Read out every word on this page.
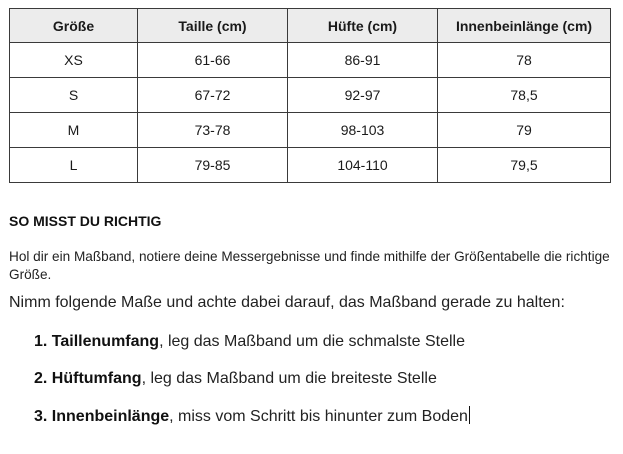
Größe	Taille (cm)	Hüfte (cm)	Innenbeinlänge (cm)
XS	61-66	86-91	78
S	67-72	92-97	78,5
M	73-78	98-103	79
L	79-85	104-110	79,5
SO MISST DU RICHTIG

Hol dir ein Maßband, notiere deine Messergebnisse und finde mithilfe der Größentabelle die richtige Größe.

Nimm folgende Maße und achte dabei darauf, das Maßband gerade zu halten:

1. Taillenumfang, leg das Maßband um die schmalste Stelle
2. Hüftumfang, leg das Maßband um die breiteste Stelle
3. Innenbeinlänge, miss vom Schritt bis hinunter zum Boden
